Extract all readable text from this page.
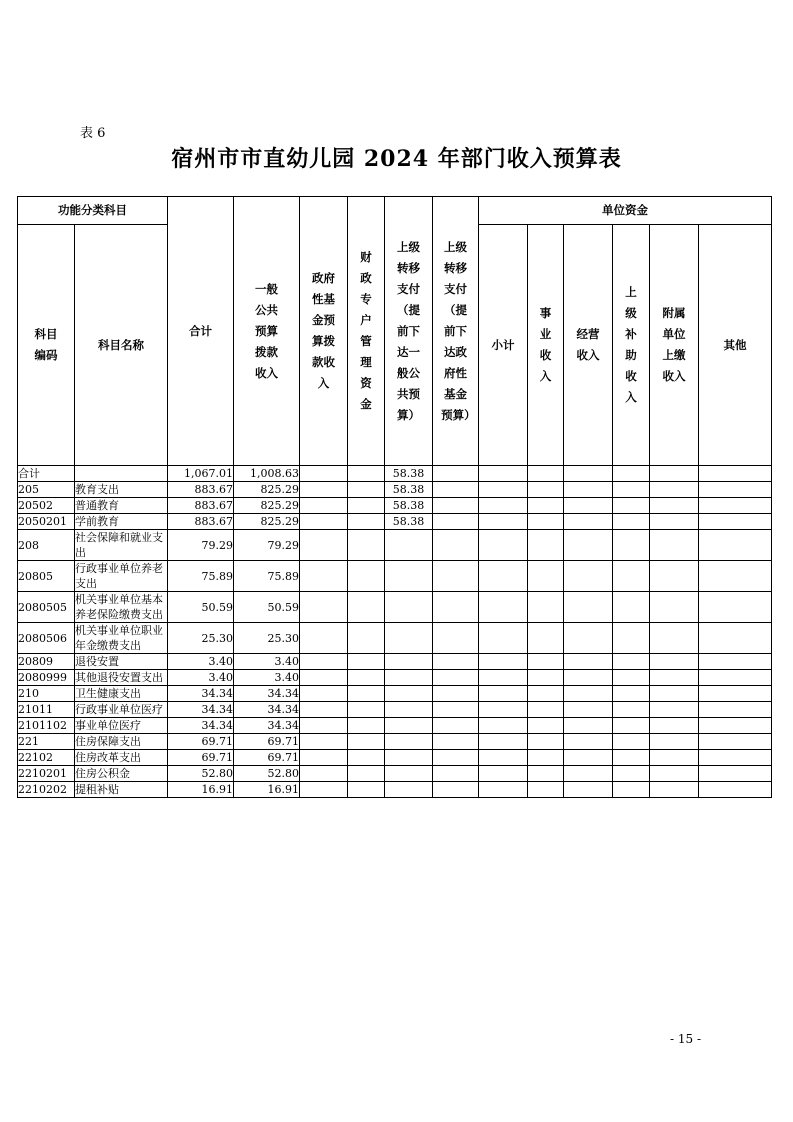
表 6
宿州市市直幼儿园 2024 年部门收入预算表
功能分类科目		合计	一般公共预算拨款收入	政府性基金预算拨款收入	财政专户管理资金	上级转移支付（提前下达一般公共预算）	上级转移支付（提前下达政府性基金预算）	单位资金					
科目编码	科目名称							小计	事业收入	经营收入	上级补助收入	附属单位上缴收入	其他
合计		1,067.01	1,008.63			58.38							
205	教育支出	883.67	825.29			58.38							
20502	普通教育	883.67	825.29			58.38							
2050201	学前教育	883.67	825.29			58.38							
208	社会保障和就业支出	79.29	79.29										
20805	行政事业单位养老支出	75.89	75.89										
2080505	机关事业单位基本养老保险缴费支出	50.59	50.59										
2080506	机关事业单位职业年金缴费支出	25.30	25.30										
20809	退役安置	3.40	3.40										
2080999	其他退役安置支出	3.40	3.40										
210	卫生健康支出	34.34	34.34										
21011	行政事业单位医疗	34.34	34.34										
2101102	事业单位医疗	34.34	34.34										
221	住房保障支出	69.71	69.71										
22102	住房改革支出	69.71	69.71										
2210201	住房公积金	52.80	52.80										
2210202	提租补贴	16.91	16.91										
- 15 -
